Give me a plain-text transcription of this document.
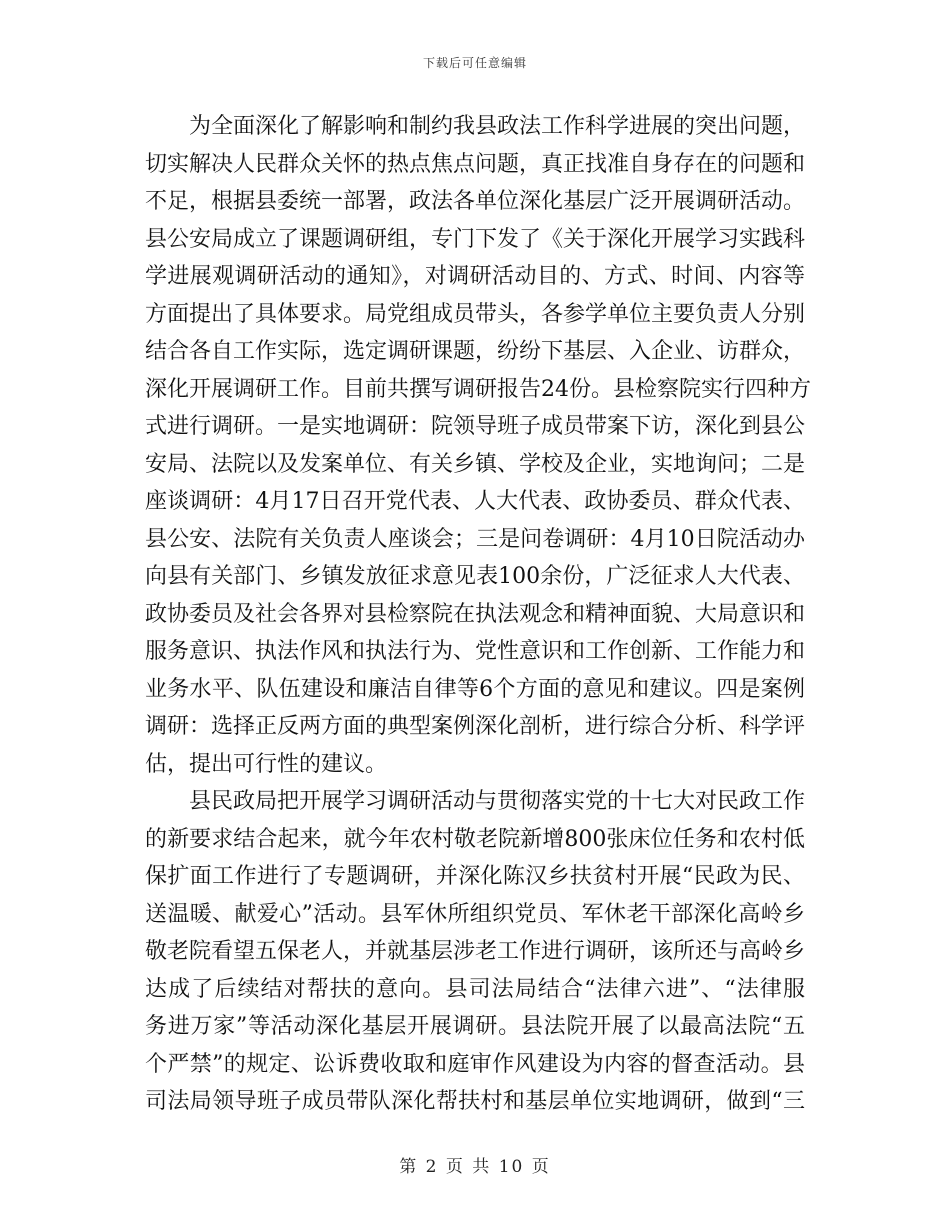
下载后可任意编辑
为全面深化了解影响和制约我县政法工作科学进展的突出问题，
切实解决人民群众关怀的热点焦点问题，真正找准自身存在的问题和
不足，根据县委统一部署，政法各单位深化基层广泛开展调研活动。
县公安局成立了课题调研组，专门下发了《关于深化开展学习实践科
学进展观调研活动的通知》，对调研活动目的、方式、时间、内容等
方面提出了具体要求。局党组成员带头，各参学单位主要负责人分别
结合各自工作实际，选定调研课题，纷纷下基层、入企业、访群众，
深化开展调研工作。目前共撰写调研报告24份。县检察院实行四种方
式进行调研。一是实地调研：院领导班子成员带案下访，深化到县公
安局、法院以及发案单位、有关乡镇、学校及企业，实地询问；二是
座谈调研：4月17日召开党代表、人大代表、政协委员、群众代表、
县公安、法院有关负责人座谈会；三是问卷调研：4月10日院活动办
向县有关部门、乡镇发放征求意见表100余份，广泛征求人大代表、
政协委员及社会各界对县检察院在执法观念和精神面貌、大局意识和
服务意识、执法作风和执法行为、党性意识和工作创新、工作能力和
业务水平、队伍建设和廉洁自律等6个方面的意见和建议。四是案例
调研：选择正反两方面的典型案例深化剖析，进行综合分析、科学评
估，提出可行性的建议。
县民政局把开展学习调研活动与贯彻落实党的十七大对民政工作
的新要求结合起来，就今年农村敬老院新增800张床位任务和农村低
保扩面工作进行了专题调研，并深化陈汉乡扶贫村开展“民政为民、
送温暖、献爱心”活动。县军休所组织党员、军休老干部深化高岭乡
敬老院看望五保老人，并就基层涉老工作进行调研，该所还与高岭乡
达成了后续结对帮扶的意向。县司法局结合“法律六进”、“法律服
务进万家”等活动深化基层开展调研。县法院开展了以最高法院“五
个严禁”的规定、讼诉费收取和庭审作风建设为内容的督查活动。县
司法局领导班子成员带队深化帮扶村和基层单位实地调研，做到“三
第 2 页 共 10 页
